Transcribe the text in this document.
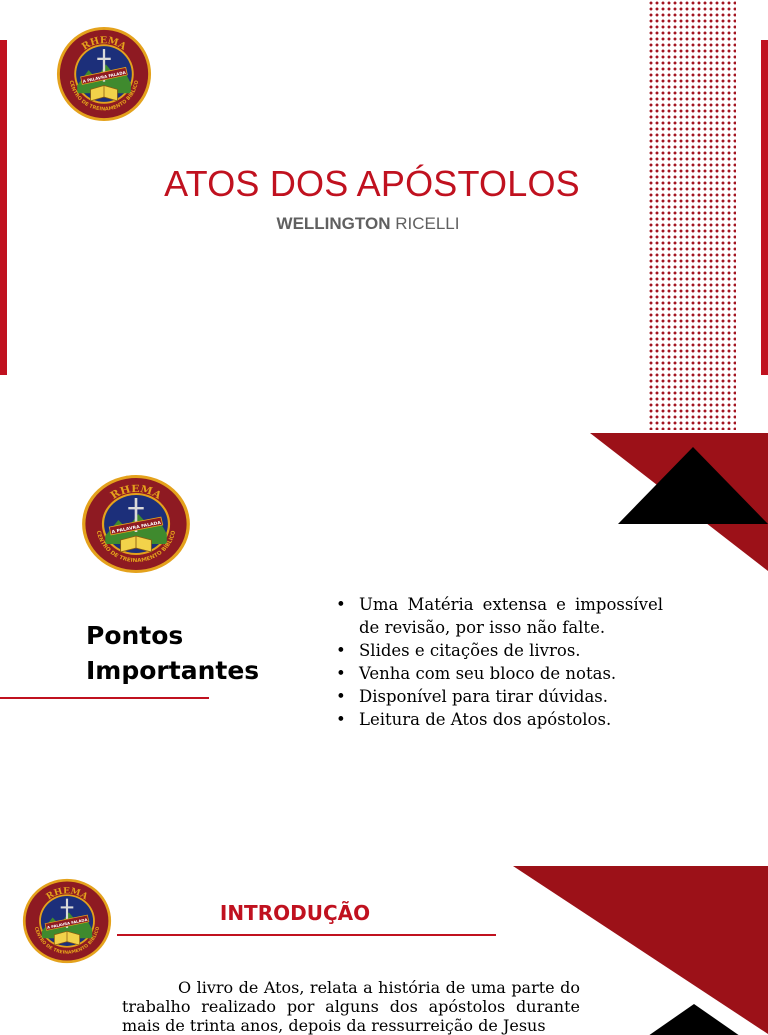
RHEMA
CENTRO DE TREINAMENTO BÍBLICO
A PALAVRA FALADA
ATOS DOS APÓSTOLOS
WELLINGTON RICELLI
RHEMA
CENTRO DE TREINAMENTO BÍBLICO
A PALAVRA FALADA
Pontos
Importantes
• Uma Matéria extensa e impossível de revisão, por isso não falte.
• Slides e citações de livros.
• Venha com seu bloco de notas.
• Disponível para tirar dúvidas.
• Leitura de Atos dos apóstolos.
RHEMA
CENTRO DE TREINAMENTO BÍBLICO
A PALAVRA FALADA	INTRODUÇÃO

O livro de Atos, relata a história de uma parte do trabalho realizado por alguns dos apóstolos durante mais de trinta anos, depois da ressurreição de Jesus
